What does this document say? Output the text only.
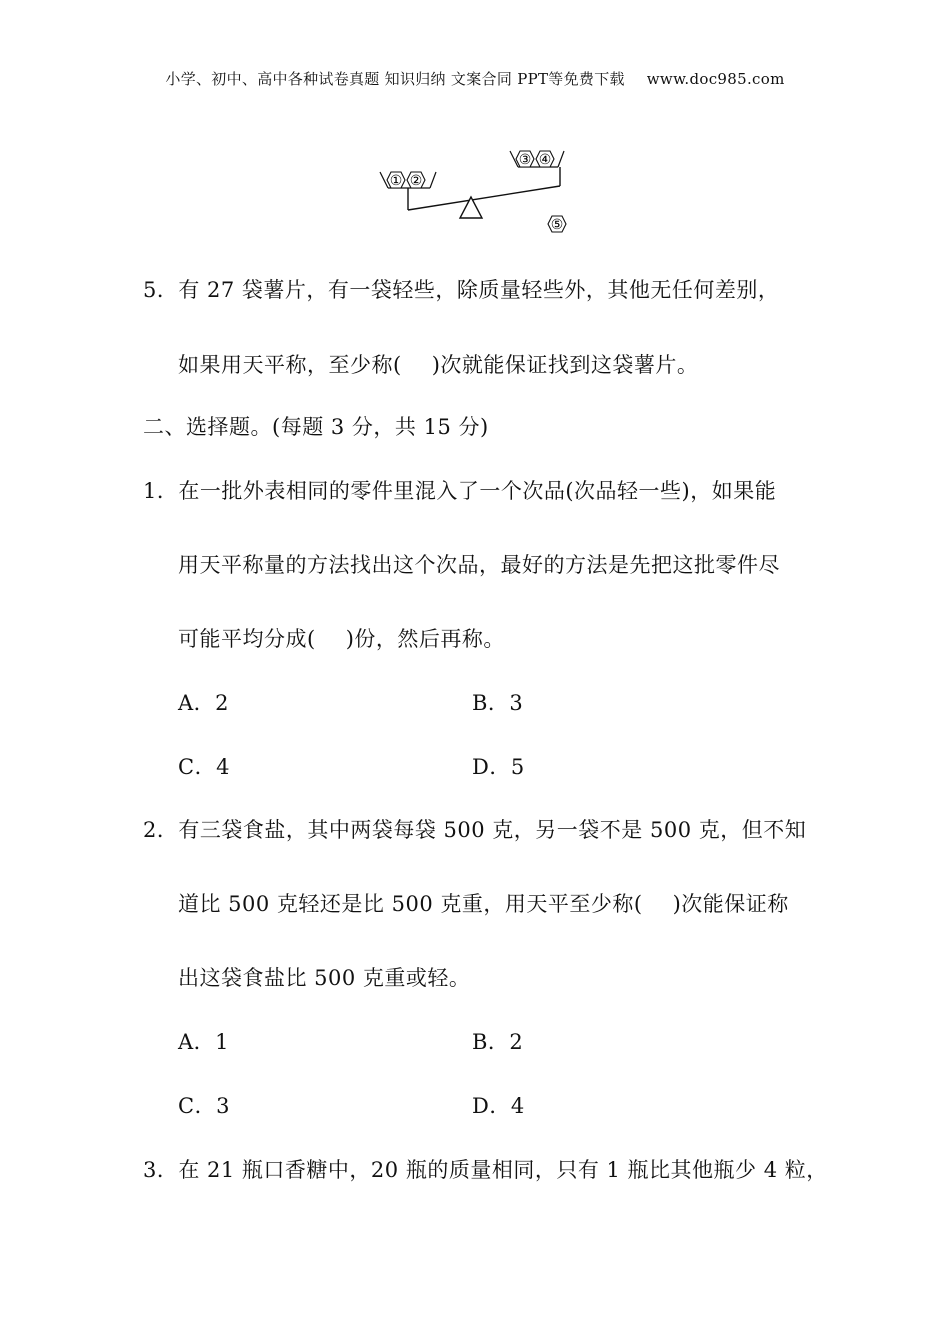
小学、初中、高中各种试卷真题 知识归纳 文案合同 PPT等免费下载 www.doc985.com
① ②
③ ④
⑤
5．有 27 袋薯片，有一袋轻些，除质量轻些外，其他无任何差别，
如果用天平称，至少称( )次就能保证找到这袋薯片。
二、选择题。(每题 3 分，共 15 分)
1．在一批外表相同的零件里混入了一个次品(次品轻一些)，如果能
用天平称量的方法找出这个次品，最好的方法是先把这批零件尽
可能平均分成( )份，然后再称。
A．2	B．3
C．4	D．5
2．有三袋食盐，其中两袋每袋 500 克，另一袋不是 500 克，但不知
道比 500 克轻还是比 500 克重，用天平至少称( )次能保证称
出这袋食盐比 500 克重或轻。
A．1	B．2
C．3	D．4
3．在 21 瓶口香糖中，20 瓶的质量相同，只有 1 瓶比其他瓶少 4 粒，
